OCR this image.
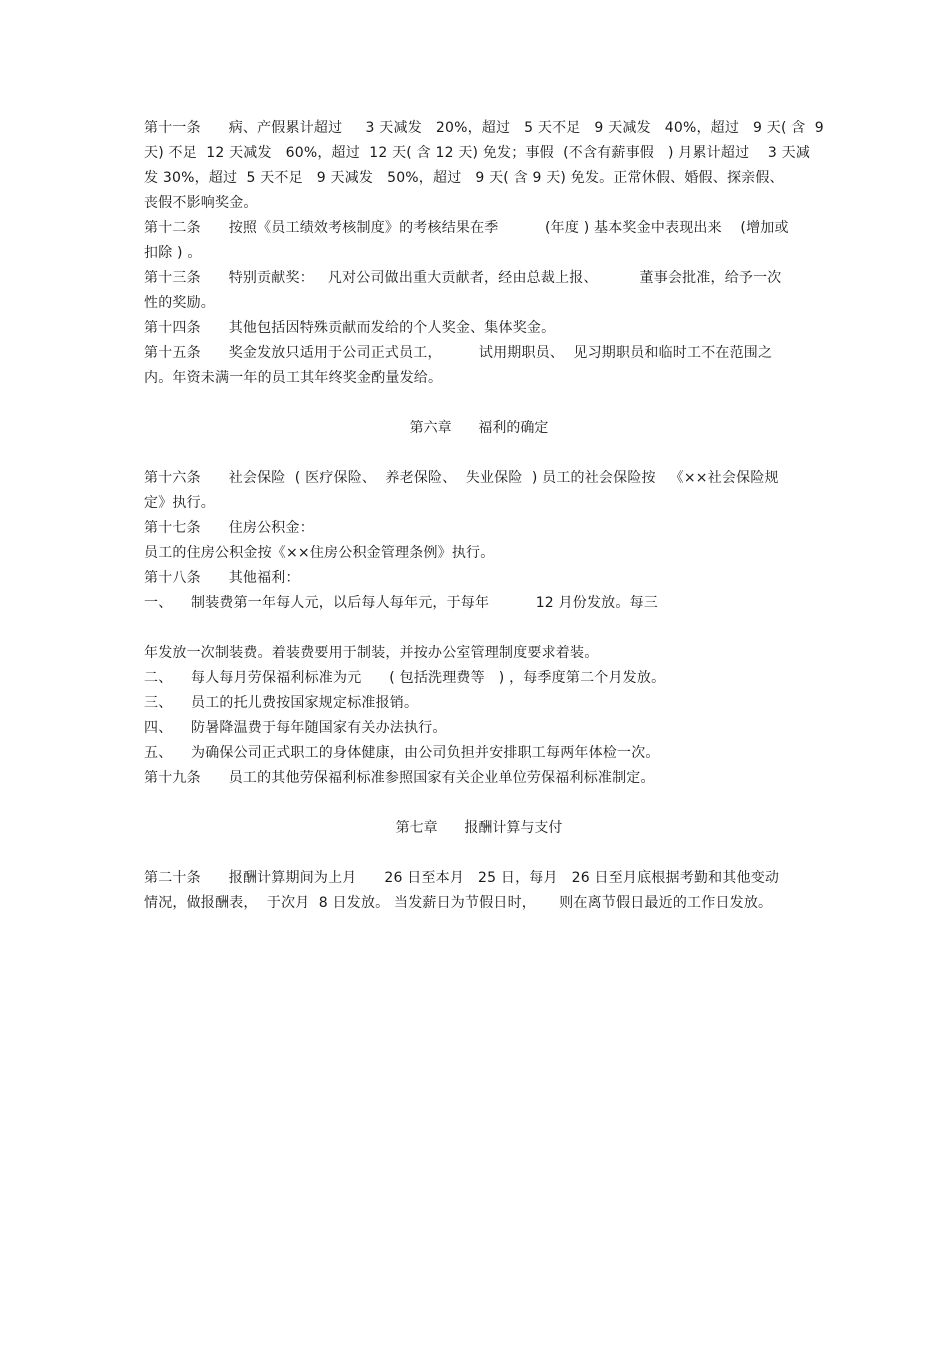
第十一条      病、产假累计超过     3 天减发   20%，超过   5 天不足   9 天减发   40%，超过   9 天( 含  9
天) 不足  12 天减发   60%，超过  12 天( 含 12 天) 免发；事假  (不含有薪事假   ) 月累计超过    3 天减
发 30%，超过  5 天不足   9 天减发   50%，超过   9 天( 含 9 天) 免发。正常休假、婚假、探亲假、
丧假不影响奖金。
第十二条      按照《员工绩效考核制度》的考核结果在季          (年度 ) 基本奖金中表现出来    (增加或
扣除 ) 。
第十三条      特别贡献奖：   凡对公司做出重大贡献者，经由总裁上报、         董事会批准，给予一次
性的奖励。
第十四条      其他包括因特殊贡献而发给的个人奖金、集体奖金。
第十五条      奖金发放只适用于公司正式员工，        试用期职员、  见习期职员和临时工不在范围之
内。年资未满一年的员工其年终奖金酌量发给。
第六章      福利的确定
第十六条      社会保险  ( 医疗保险、  养老保险、  失业保险  ) 员工的社会保险按   《××社会保险规
定》执行。
第十七条      住房公积金：
员工的住房公积金按《××住房公积金管理条例》执行。
第十八条      其他福利：
一、    制装费第一年每人元，以后每人每年元，于每年          12 月份发放。每三
年发放一次制装费。着装费要用于制装，并按办公室管理制度要求着装。
二、    每人每月劳保福利标准为元      ( 包括洗理费等   ) ，每季度第二个月发放。
三、    员工的托儿费按国家规定标准报销。
四、    防暑降温费于每年随国家有关办法执行。
五、    为确保公司正式职工的身体健康，由公司负担并安排职工每两年体检一次。
第十九条      员工的其他劳保福利标准参照国家有关企业单位劳保福利标准制定。
第七章      报酬计算与支付
第二十条      报酬计算期间为上月      26 日至本月   25 日，每月   26 日至月底根据考勤和其他变动
情况，做报酬表，  于次月  8 日发放。 当发薪日为节假日时，     则在离节假日最近的工作日发放。
